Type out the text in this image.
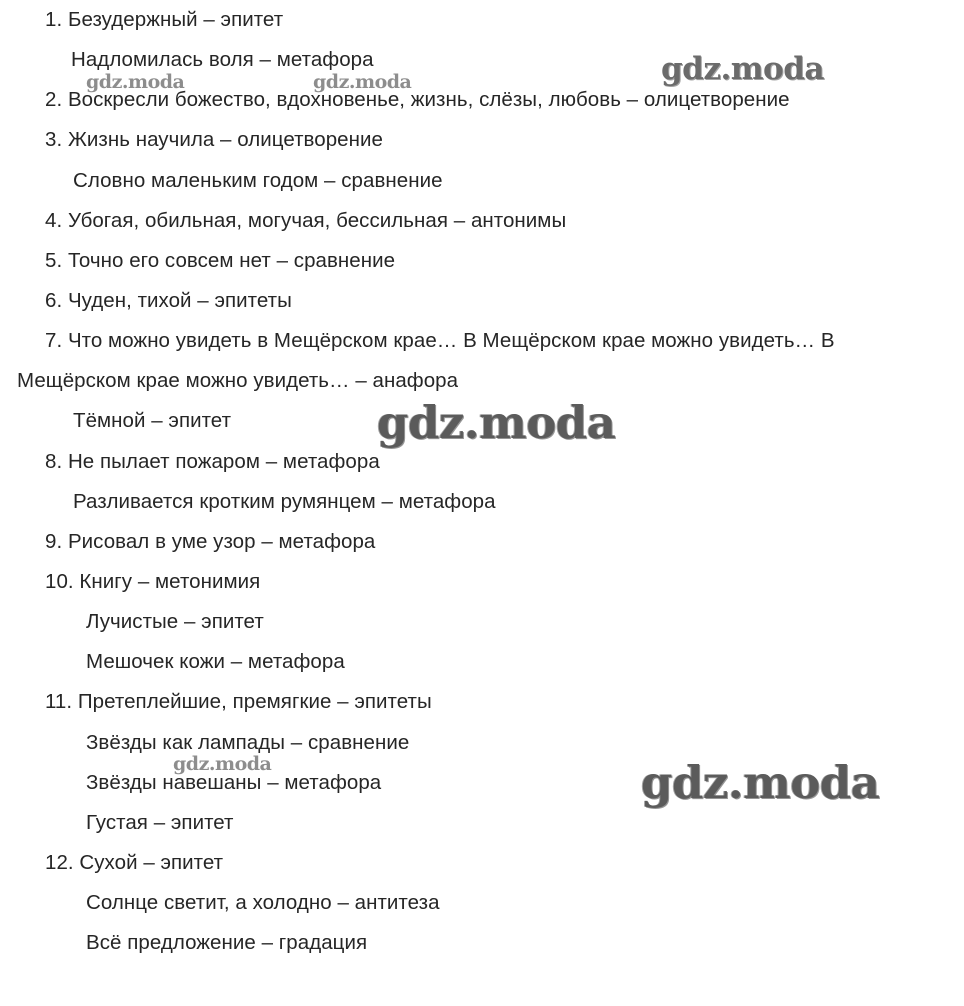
1. Безудержный – эпитет
Надломилась воля – метафора
2. Воскресли божество, вдохновенье, жизнь, слёзы, любовь – олицетворение
3. Жизнь научила – олицетворение
Словно маленьким годом – сравнение
4. Убогая, обильная, могучая, бессильная – антонимы
5. Точно его совсем нет – сравнение
6. Чуден, тихой – эпитеты
7. Что можно увидеть в Мещёрском крае… В Мещёрском крае можно увидеть… В
Мещёрском крае можно увидеть… – анафора
Тёмной – эпитет
8. Не пылает пожаром – метафора
Разливается кротким румянцем – метафора
9. Рисовал в уме узор – метафора
10. Книгу – метонимия
Лучистые – эпитет
Мешочек кожи – метафора
11. Претеплейшие, премягкие – эпитеты
Звёзды как лампады – сравнение
Звёзды навешаны – метафора
Густая – эпитет
12. Сухой – эпитет
Солнце светит, а холодно – антитеза
Всё предложение – градация
gdz.moda	gdz.moda	gdz.moda
gdz.moda
gdz.moda	gdz.moda
